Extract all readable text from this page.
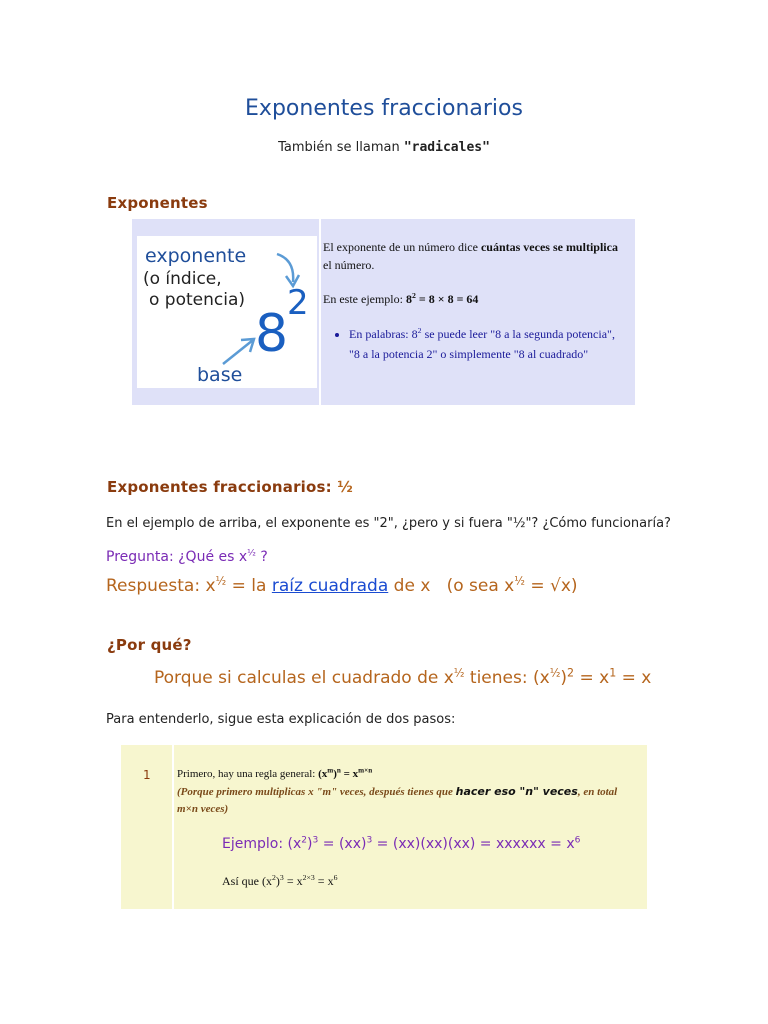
Exponentes fraccionarios
También se llaman "radicales"
Exponentes
exponente
(o índice,
o potencia)
8
2
base

El exponente de un número dice cuántas veces se multiplica el número.

En este ejemplo: $8^2 = 8 \times 8 = 64$

• En palabras: $8^2$ se puede leer "8 a la segunda potencia", "8 a la potencia 2" o simplemente "8 al cuadrado"
Exponentes fraccionarios: ½
En el ejemplo de arriba, el exponente es "2", ¿pero y si fuera "½"? ¿Cómo funcionaría?
Pregunta: ¿Qué es $x^{\frac{1}{2}}$ ?
Respuesta: $x^{\frac{1}{2}}$ = la raíz cuadrada de x   (o sea $x^{\frac{1}{2}} = √x$)
¿Por qué?
Porque si calculas el cuadrado de $x^{\frac{1}{2}}$ tienes: $(x^{\frac{1}{2}})^2 = x^1 = x$
Para entenderlo, sigue esta explicación de dos pasos:
1 Primero, hay una regla general: $(x^m)^n = x^{m\times n}$
(Porque primero multiplicas x "m" veces, después tienes que hacer eso "n" veces, en total m×n veces)
Ejemplo: $(x^2)^3 = (xx)^3 = (xx)(xx)(xx)$ = xxxxxx = $x^6$
Así que $(x^2)^3 = x^{2\times 3} = x^6$
